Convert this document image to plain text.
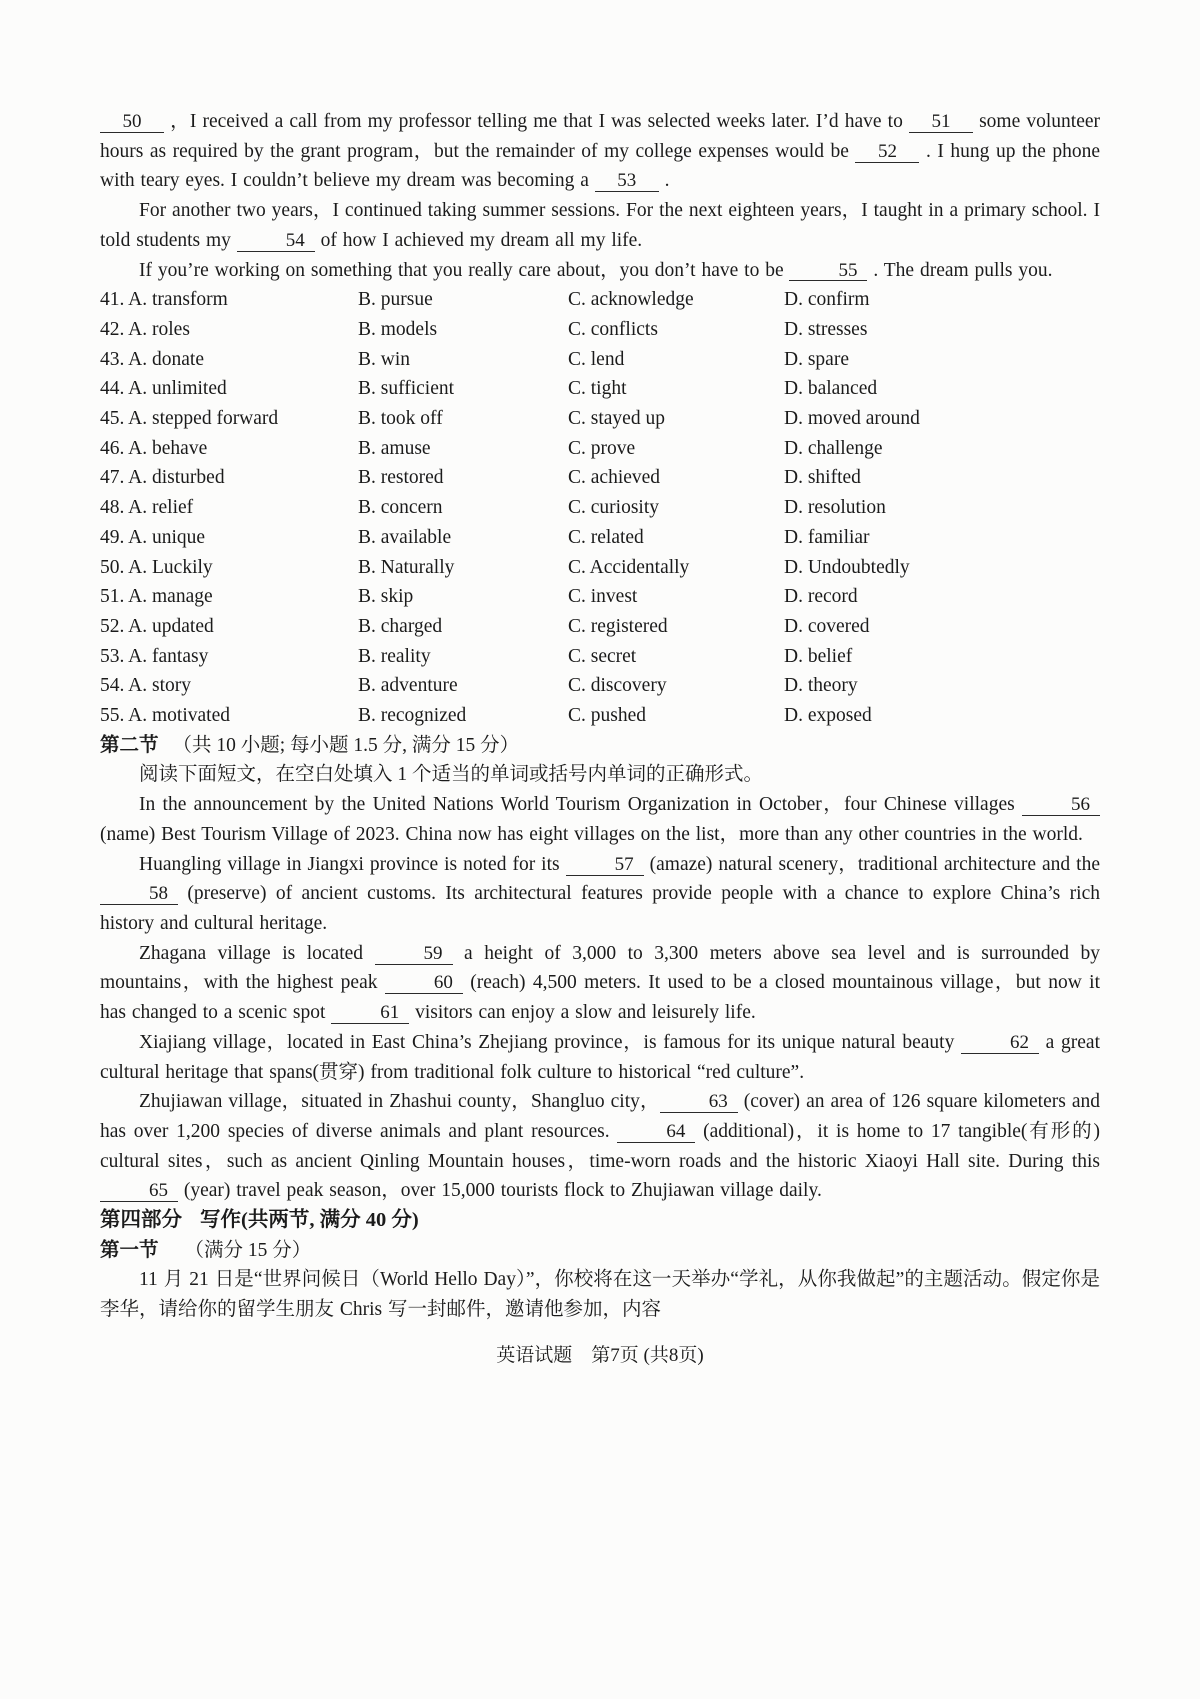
50 ，I received a call from my professor telling me that I was selected weeks later. I’d have to 51 some volunteer hours as required by the grant program，but the remainder of my college expenses would be 52 . I hung up the phone with teary eyes. I couldn’t believe my dream was becoming a 53 .

For another two years，I continued taking summer sessions. For the next eighteen years，I taught in a primary school. I told students my	54 of how I achieved my dream all my life.

If you’re working on something that you really care about，you don’t have to be	55 . The dream pulls you.

41. A. transform	B. pursue	C. acknowledge	D. confirm
42. A. roles	B. models	C. conflicts	D. stresses
43. A. donate	B. win	C. lend	D. spare
44. A. unlimited	B. sufficient	C. tight	D. balanced
45. A. stepped forward	B. took off	C. stayed up	D. moved around
46. A. behave	B. amuse	C. prove	D. challenge
47. A. disturbed	B. restored	C. achieved	D. shifted
48. A. relief	B. concern	C. curiosity	D. resolution
49. A. unique	B. available	C. related	D. familiar
50. A. Luckily	B. Naturally	C. Accidentally	D. Undoubtedly
51. A. manage	B. skip	C. invest	D. record
52. A. updated	B. charged	C. registered	D. covered
53. A. fantasy	B. reality	C. secret	D. belief
54. A. story	B. adventure	C. discovery	D. theory
55. A. motivated	B. recognized	C. pushed	D. exposed

第二节 （共 10 小题; 每小题 1.5 分, 满分 15 分）

阅读下面短文，在空白处填入 1 个适当的单词或括号内单词的正确形式。

In the announcement by the United Nations World Tourism Organization in October，four Chinese villages	56 (name) Best Tourism Village of 2023. China now has eight villages on the list，more than any other countries in the world.

Huangling village in Jiangxi province is noted for its	57 (amaze) natural scenery，traditional architecture and the 58 (preserve) of ancient customs. Its architectural features provide people with a chance to explore China’s rich history and cultural heritage.

Zhagana village is located	59 a height of 3,000 to 3,300 meters above sea level and is surrounded by mountains，with the highest peak	60 (reach) 4,500 meters. It used to be a closed mountainous village，but now it has changed to a scenic spot	61 visitors can enjoy a slow and leisurely life.

Xiajiang village，located in East China’s Zhejiang province，is famous for its unique natural beauty	62 a great cultural heritage that spans(贯穿) from traditional folk culture to historical “red culture”.

Zhujiawan village，situated in Zhashui county，Shangluo city，	63 (cover) an area of 126 square kilometers and has over 1,200 species of diverse animals and plant resources.	64 (additional)，it is home to 17 tangible(有形的) cultural sites，such as ancient Qinling Mountain houses，time-worn roads and the historic Xiaoyi Hall site. During this 65 (year) travel peak season，over 15,000 tourists flock to Zhujiawan village daily.

第四部分 写作(共两节, 满分 40 分)

第一节 （满分 15 分）

11 月 21 日是“世界问候日（World Hello Day）”，你校将在这一天举办“学礼，从你我做起”的主题活动。假定你是李华，请给你的留学生朋友 Chris 写一封邮件，邀请他参加，内容

英语试题　第7页 (共8页)
